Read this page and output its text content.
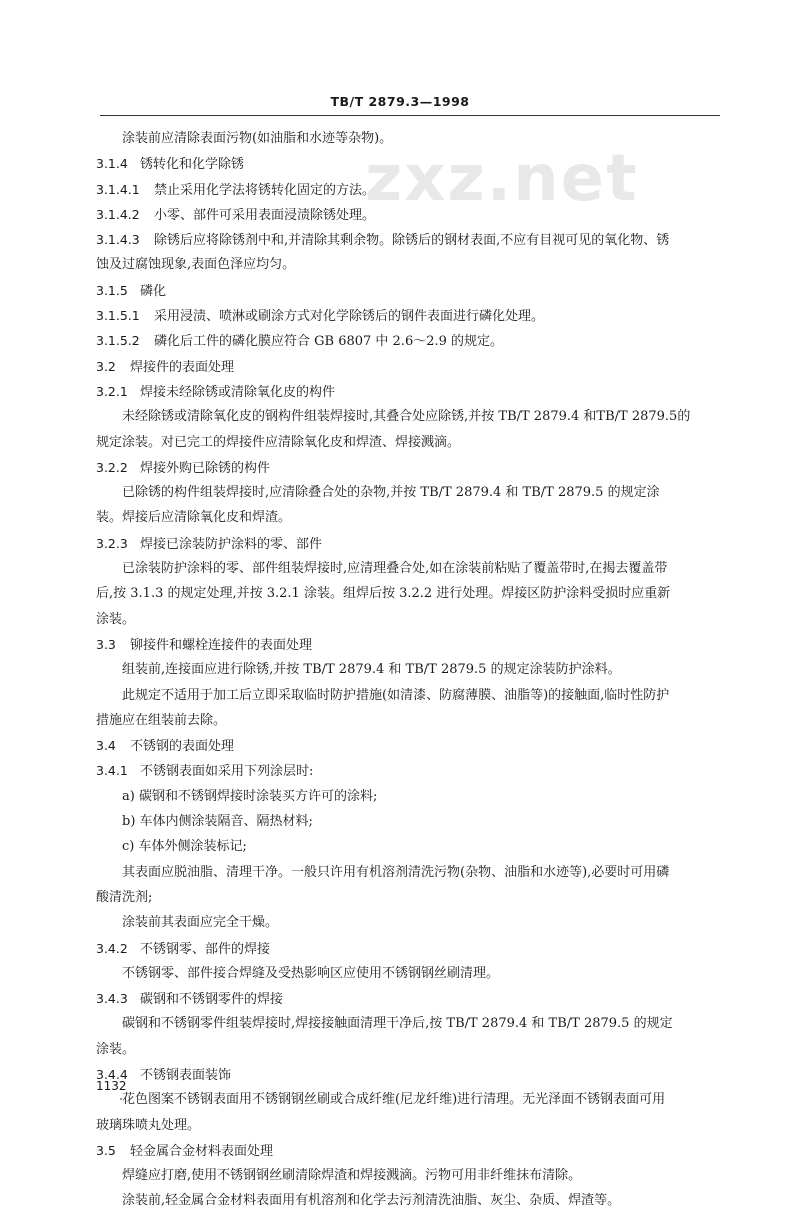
TB/T 2879.3—1998
zxz.net
涂装前应清除表面污物(如油脂和水迹等杂物)。
3.1.4 锈转化和化学除锈
3.1.4.1 禁止采用化学法将锈转化固定的方法。
3.1.4.2 小零、部件可采用表面浸渍除锈处理。
3.1.4.3 除锈后应将除锈剂中和,并清除其剩余物。除锈后的钢材表面,不应有目视可见的氧化物、锈
蚀及过腐蚀现象,表面色泽应均匀。
3.1.5 磷化
3.1.5.1 采用浸渍、喷淋或刷涂方式对化学除锈后的钢件表面进行磷化处理。
3.1.5.2 磷化后工件的磷化膜应符合 GB 6807 中 2.6～2.9 的规定。
3.2 焊接件的表面处理
3.2.1 焊接未经除锈或清除氧化皮的构件
未经除锈或清除氧化皮的钢构件组装焊接时,其叠合处应除锈,并按 TB/T 2879.4 和TB/T 2879.5的
规定涂装。对已完工的焊接件应清除氧化皮和焊渣、焊接溅滴。
3.2.2 焊接外购已除锈的构件
已除锈的构件组装焊接时,应清除叠合处的杂物,并按 TB/T 2879.4 和 TB/T 2879.5 的规定涂
装。焊接后应清除氧化皮和焊渣。
3.2.3 焊接已涂装防护涂料的零、部件
已涂装防护涂料的零、部件组装焊接时,应清理叠合处,如在涂装前粘贴了覆盖带时,在揭去覆盖带
后,按 3.1.3 的规定处理,并按 3.2.1 涂装。组焊后按 3.2.2 进行处理。焊接区防护涂料受损时应重新
涂装。
3.3 铆接件和螺栓连接件的表面处理
组装前,连接面应进行除锈,并按 TB/T 2879.4 和 TB/T 2879.5 的规定涂装防护涂料。
此规定不适用于加工后立即采取临时防护措施(如清漆、防腐薄膜、油脂等)的接触面,临时性防护
措施应在组装前去除。
3.4 不锈钢的表面处理
3.4.1 不锈钢表面如采用下列涂层时:
a) 碳钢和不锈钢焊接时涂装买方许可的涂料;
b) 车体内侧涂装隔音、隔热材料;
c) 车体外侧涂装标记;
其表面应脱油脂、清理干净。一般只许用有机溶剂清洗污物(杂物、油脂和水迹等),必要时可用磷
酸清洗剂;
涂装前其表面应完全干燥。
3.4.2 不锈钢零、部件的焊接
不锈钢零、部件接合焊缝及受热影响区应使用不锈钢钢丝刷清理。
3.4.3 碳钢和不锈钢零件的焊接
碳钢和不锈钢零件组装焊接时,焊接接触面清理干净后,按 TB/T 2879.4 和 TB/T 2879.5 的规定
涂装。
3.4.4 不锈钢表面装饰
花色图案不锈钢表面用不锈钢钢丝刷或合成纤维(尼龙纤维)进行清理。无光泽面不锈钢表面可用
玻璃珠喷丸处理。
3.5 轻金属合金材料表面处理
焊缝应打磨,使用不锈钢钢丝刷清除焊渣和焊接溅滴。污物可用非纤维抹布清除。
涂装前,轻金属合金材料表面用有机溶剂和化学去污剂清洗油脂、灰尘、杂质、焊渣等。
1132
